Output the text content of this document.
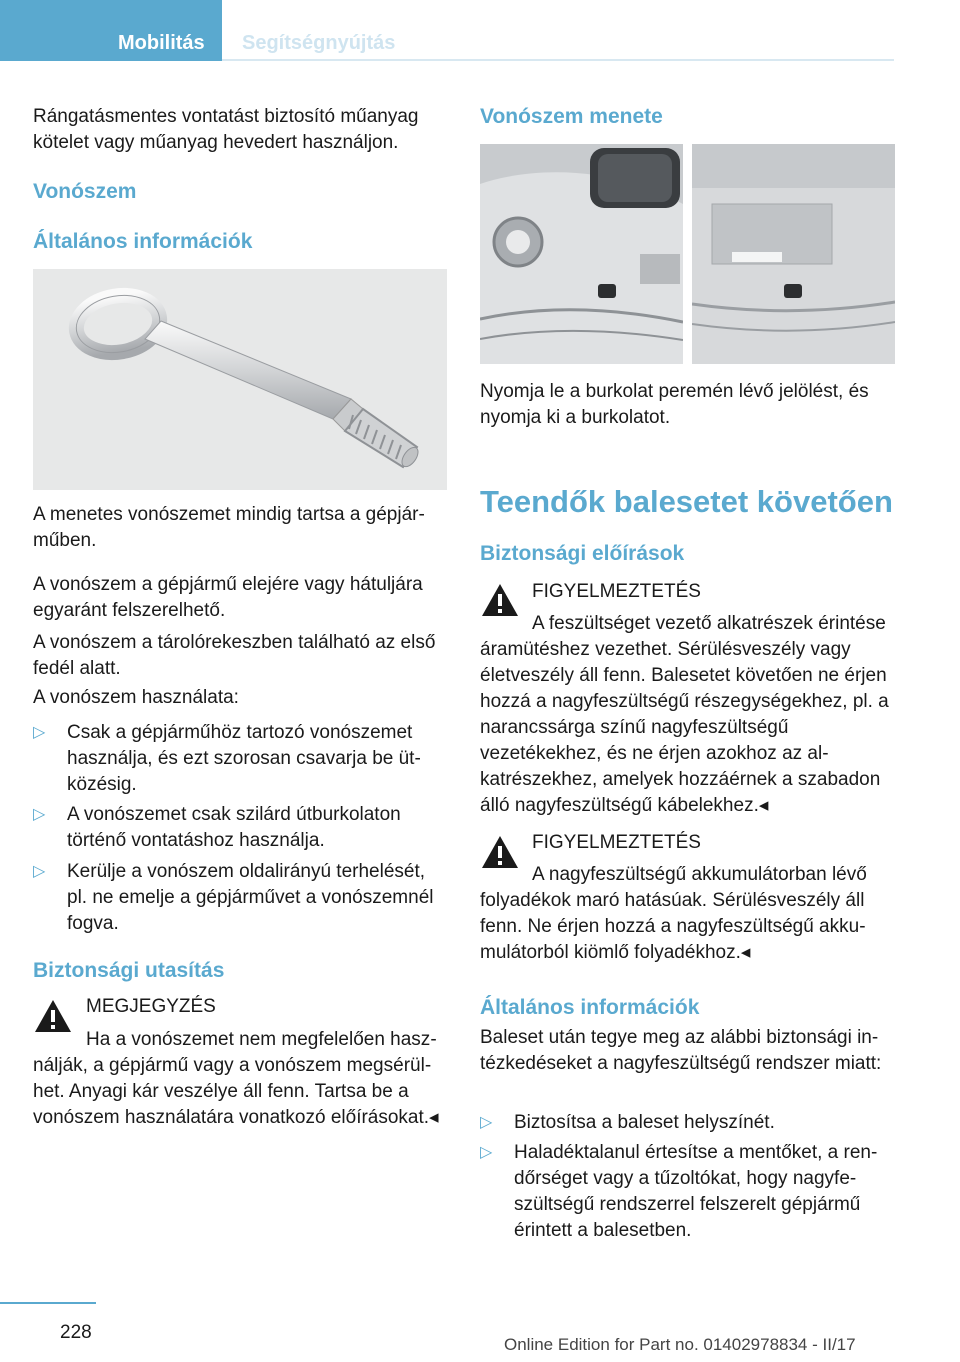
Mobilitás Segítségnyújtás

Rángatásmentes vontatást biztosító műanyag kötelet vagy műanyag hevedert használjon.

Vonószem

Általános információk

A menetes vonószemet mindig tartsa a gépjárműben.

A vonószem a gépjármű elejére vagy hátuljára egyaránt felszerelhető.

A vonószem a tárolórekeszben található az első fedél alatt.

A vonószem használata:

▷ Csak a gépjárműhöz tartozó vonószemet használja, és ezt szorosan csavarja be ütközésig.
▷ A vonószemet csak szilárd útburkolaton történő vontatáshoz használja.
▷ Kerülje a vonószem oldalirányú terhelését, pl. ne emelje a gépjárművet a vonószemnél fogva.

Biztonsági utasítás

MEGJEGYZÉS

Ha a vonószemet nem megfelelően használják, a gépjármű vagy a vonószem megsérülhet. Anyagi kár veszélye áll fenn. Tartsa be a vonószem használatára vonatkozó előírásokat.◂

Vonószem menete

Nyomja le a burkolat peremén lévő jelölést, és nyomja ki a burkolatot.

Teendők balesetet követően

Biztonsági előírások

FIGYELMEZTETÉS

A feszültséget vezető alkatrészek érintése áramütéshez vezethet. Sérülésveszély vagy életveszély áll fenn. Balesetet követően ne érjen hozzá a nagyfeszültségű részegységekhez, pl. a narancssárga színű nagyfeszültségű vezetékekhez, és ne érjen azokhoz az alkatrészekhez, amelyek hozzáérnek a szabadon álló nagyfeszültségű kábelekhez.◂

FIGYELMEZTETÉS

A nagyfeszültségű akkumulátorban lévő folyadékok maró hatásúak. Sérülésveszély áll fenn. Ne érjen hozzá a nagyfeszültségű akkumulátorból kiömlő folyadékhoz.◂

Általános információk

Baleset után tegye meg az alábbi biztonsági intézkedéseket a nagyfeszültségű rendszer miatt:

▷ Biztosítsa a baleset helyszínét.
▷ Haladéktalanul értesítse a mentőket, a rendőrséget vagy a tűzoltókat, hogy nagyfeszültségű rendszerrel felszerelt gépjármű érintett a balesetben.
228
Online Edition for Part no. 01402978834 - II/17
